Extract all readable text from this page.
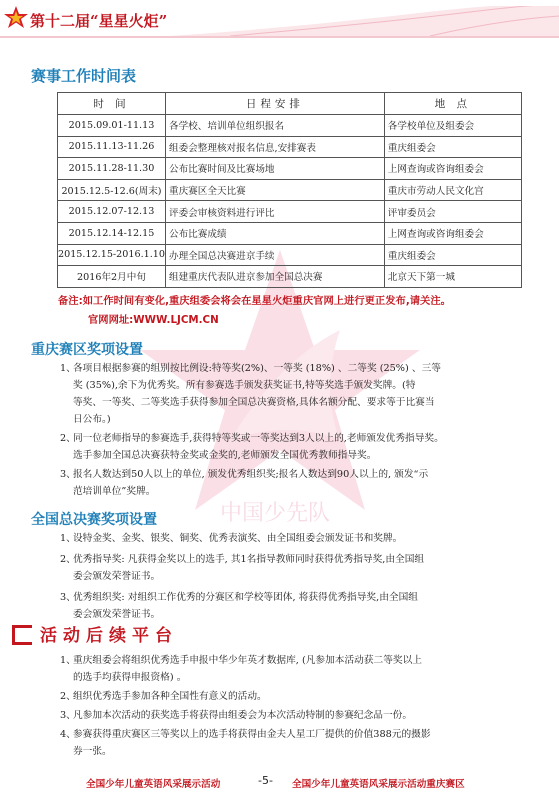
第十二届“星星火炬”
中国少先队
赛事工作时间表
时 间	日程安排	地 点
2015.09.01-11.13	各学校、培训单位组织报名	各学校单位及组委会
2015.11.13-11.26	组委会整理核对报名信息,安排赛表	重庆组委会
2015.11.28-11.30	公布比赛时间及比赛场地	上网查询或咨询组委会
2015.12.5-12.6(周末)	重庆赛区全天比赛	重庆市劳动人民文化宫
2015.12.07-12.13	评委会审核资料进行评比	评审委员会
2015.12.14-12.15	公布比赛成绩	上网查询或咨询组委会
2015.12.15-2016.1.10	办理全国总决赛进京手续	重庆组委会
2016年2月中旬	组建重庆代表队进京参加全国总决赛	北京天下第一城
备注:如工作时间有变化,重庆组委会将会在星星火炬重庆官网上进行更正发布,请关注。
官网网址:WWW.LJCM.CN
重庆赛区奖项设置
1、
各项目根据参赛的组别按比例设:特等奖(2%)、一等奖 (18%) 、二等奖 (25%) 、三等
奖 (35%),余下为优秀奖。所有参赛选手颁发获奖证书,特等奖选手颁发奖牌。(特
等奖、一等奖、二等奖选手获得参加全国总决赛资格,具体名额分配、要求等于比赛当
日公布。)
2、
同一位老师指导的参赛选手,获得特等奖或一等奖达到3人以上的,老师颁发优秀指导奖。
选手参加全国总决赛获特金奖或金奖的,老师颁发全国优秀教师指导奖。
3、
报名人数达到50人以上的单位, 颁发优秀组织奖;报名人数达到90人以上的, 颁发“示
范培训单位”奖牌。
全国总决赛奖项设置
1、
设特金奖、金奖、银奖、铜奖、优秀表演奖、由全国组委会颁发证书和奖牌。
2、
优秀指导奖: 凡获得金奖以上的选手, 其1名指导教师同时获得优秀指导奖,由全国组
委会颁发荣誉证书。
3、
优秀组织奖: 对组织工作优秀的分赛区和学校等团体, 将获得优秀指导奖,由全国组
委会颁发荣誉证书。
活动后续平台
1、
重庆组委会将组织优秀选手申报中华少年英才数据库, (凡参加本活动获二等奖以上
的选手均获得申报资格) 。
2、
组织优秀选手参加各种全国性有意义的活动。
3、
凡参加本次活动的获奖选手将获得由组委会为本次活动特制的参赛纪念品一份。
4、
参赛获得重庆赛区三等奖以上的选手将获得由金夫人星工厂提供的价值388元的摄影
券一张。
全国少年儿童英语风采展示活动	-5- 全国少年儿童英语风采展示活动重庆赛区
